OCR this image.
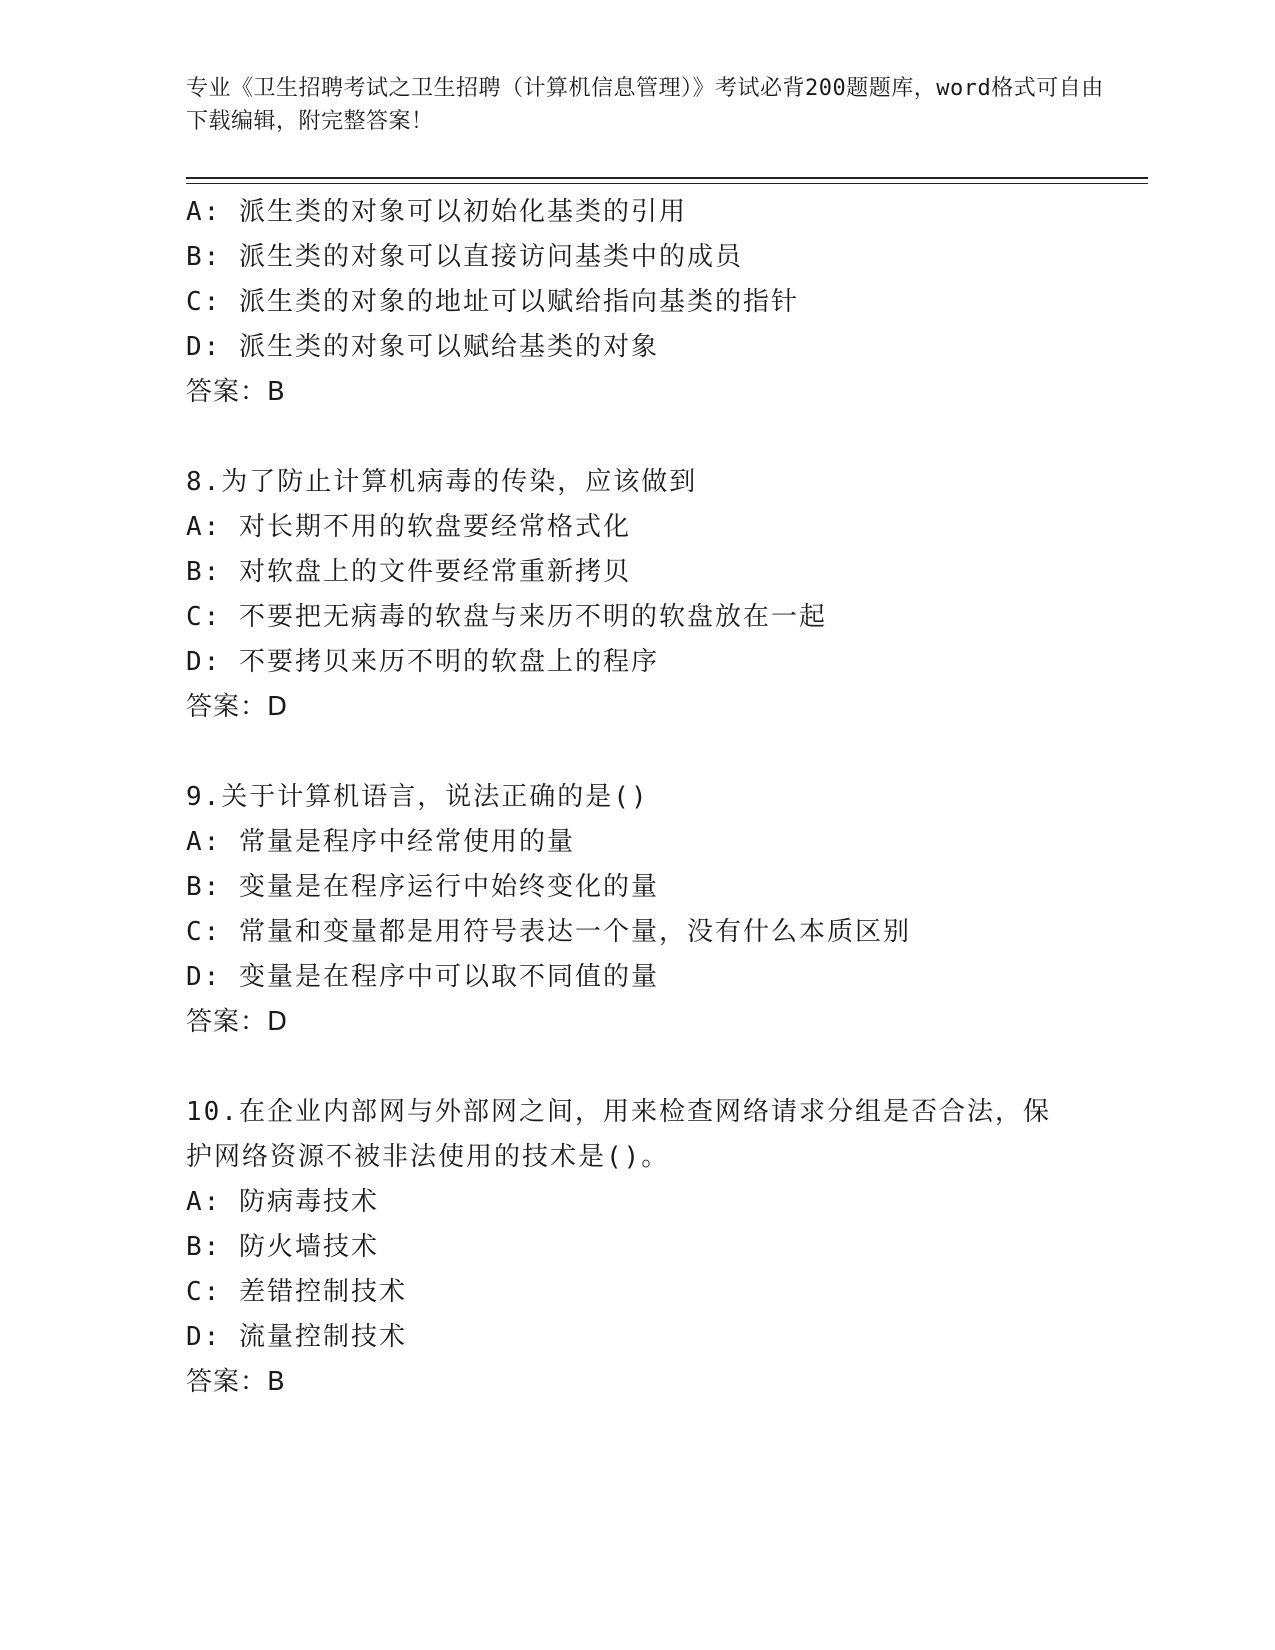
专业《卫生招聘考试之卫生招聘（计算机信息管理）》考试必背200题题库，word格式可自由下载编辑，附完整答案！
A: 派生类的对象可以初始化基类的引用
B: 派生类的对象可以直接访问基类中的成员
C: 派生类的对象的地址可以赋给指向基类的指针
D: 派生类的对象可以赋给基类的对象
答案：B
8.为了防止计算机病毒的传染，应该做到
A: 对长期不用的软盘要经常格式化
B: 对软盘上的文件要经常重新拷贝
C: 不要把无病毒的软盘与来历不明的软盘放在一起
D: 不要拷贝来历不明的软盘上的程序
答案：D
9.关于计算机语言，说法正确的是()
A: 常量是程序中经常使用的量
B: 变量是在程序运行中始终变化的量
C: 常量和变量都是用符号表达一个量，没有什么本质区别
D: 变量是在程序中可以取不同值的量
答案：D
10.在企业内部网与外部网之间，用来检查网络请求分组是否合法，保护网络资源不被非法使用的技术是()。
A: 防病毒技术
B: 防火墙技术
C: 差错控制技术
D: 流量控制技术
答案：B
